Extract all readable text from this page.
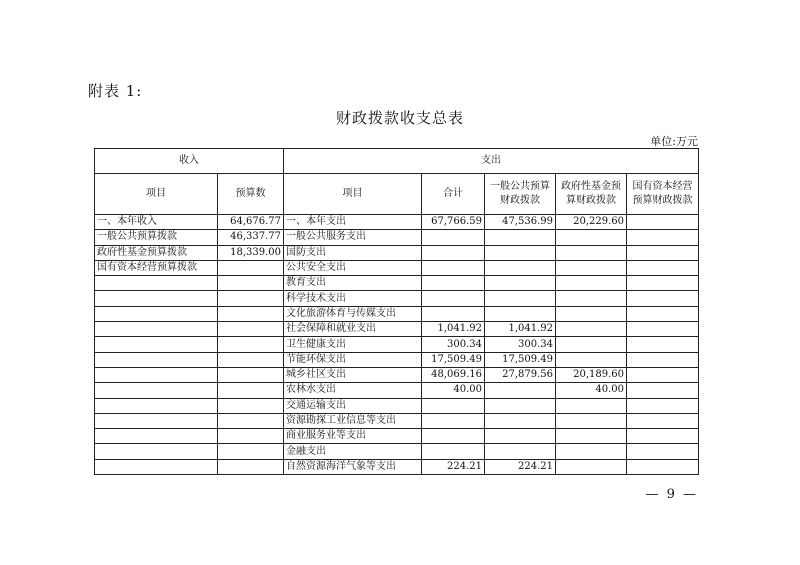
附表 1:
财政拨款收支总表
单位:万元
收入		支出				
项目	预算数	项目	合计	一般公共预算财政拨款	政府性基金预算财政拨款	国有资本经营预算财政拨款
一、本年收入	64,676.77	一、本年支出	67,766.59	47,536.99	20,229.60	
一般公共预算拨款	46,337.77	一般公共服务支出				
政府性基金预算拨款	18,339.00	国防支出				
国有资本经营预算拨款		公共安全支出				
		教育支出				
		科学技术支出				
		文化旅游体育与传媒支出				
		社会保障和就业支出	1,041.92	1,041.92		
		卫生健康支出	300.34	300.34		
		节能环保支出	17,509.49	17,509.49		
		城乡社区支出	48,069.16	27,879.56	20,189.60	
		农林水支出	40.00		40.00	
		交通运输支出				
		资源勘探工业信息等支出				
		商业服务业等支出				
		金融支出				
		自然资源海洋气象等支出	224.21	224.21		
— 9 —
